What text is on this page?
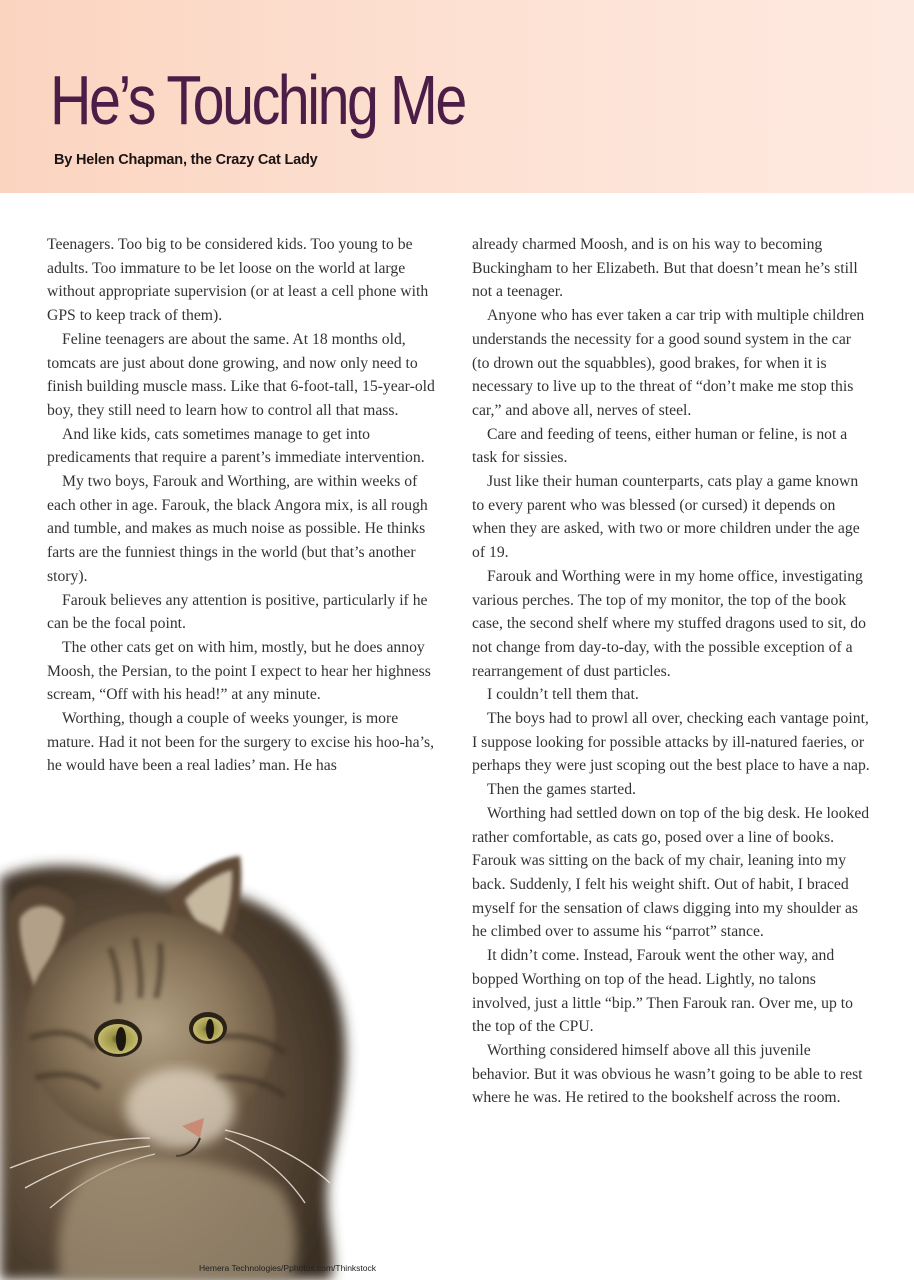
He’s Touching Me
By Helen Chapman, the Crazy Cat Lady

Teenagers. Too big to be considered kids. Too young to be adults. Too immature to be let loose on the world at large without appropriate supervision (or at least a cell phone with GPS to keep track of them).

Feline teenagers are about the same. At 18 months old, tomcats are just about done growing, and now only need to finish building muscle mass. Like that 6-foot-tall, 15-year-old boy, they still need to learn how to control all that mass.

And like kids, cats sometimes manage to get into predicaments that require a parent’s immediate intervention.

My two boys, Farouk and Worthing, are within weeks of each other in age. Farouk, the black Angora mix, is all rough and tumble, and makes as much noise as possible. He thinks farts are the funniest things in the world (but that’s another story).

Farouk believes any attention is positive, particularly if he can be the focal point.

The other cats get on with him, mostly, but he does annoy Moosh, the Persian, to the point I expect to hear her highness scream, “Off with his head!” at any minute.

Worthing, though a couple of weeks younger, is more mature. Had it not been for the surgery to excise his hoo-ha’s, he would have been a real ladies’ man. He has

already charmed Moosh, and is on his way to becoming Buckingham to her Elizabeth. But that doesn’t mean he’s still not a teenager.

Anyone who has ever taken a car trip with multiple children understands the necessity for a good sound system in the car (to drown out the squabbles), good brakes, for when it is necessary to live up to the threat of “don’t make me stop this car,” and above all, nerves of steel.

Care and feeding of teens, either human or feline, is not a task for sissies.

Just like their human counterparts, cats play a game known to every parent who was blessed (or cursed) it depends on when they are asked, with two or more children under the age of 19.

Farouk and Worthing were in my home office, investigating various perches. The top of my monitor, the top of the book case, the second shelf where my stuffed dragons used to sit, do not change from day-to-day, with the possible exception of a rearrangement of dust particles.

I couldn’t tell them that.

The boys had to prowl all over, checking each vantage point, I suppose looking for possible attacks by ill-natured faeries, or perhaps they were just scoping out the best place to have a nap.

Then the games started.

Worthing had settled down on top of the big desk. He looked rather comfortable, as cats go, posed over a line of books. Farouk was sitting on the back of my chair, leaning into my back. Suddenly, I felt his weight shift. Out of habit, I braced myself for the sensation of claws digging into my shoulder as he climbed over to assume his “parrot” stance.

It didn’t come. Instead, Farouk went the other way, and bopped Worthing on top of the head. Lightly, no talons involved, just a little “bip.” Then Farouk ran. Over me, up to the top of the CPU.

Worthing considered himself above all this juvenile behavior. But it was obvious he wasn’t going to be able to rest where he was. He retired to the bookshelf across the room.

Hemera Technologies/Pphotos.com/Thinkstock
